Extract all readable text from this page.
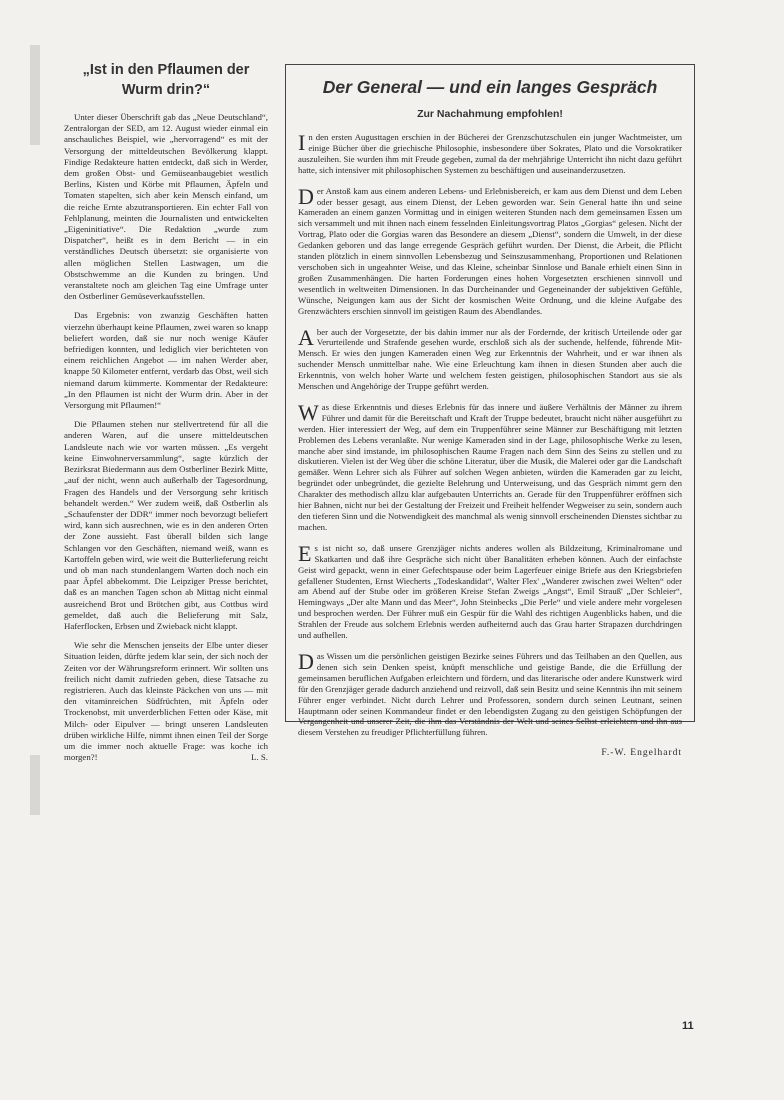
„Ist in den Pflaumen der Wurm drin?“

Unter dieser Überschrift gab das „Neue Deutschland“, Zentralorgan der SED, am 12. August wieder einmal ein anschauliches Beispiel, wie „hervorragend“ es mit der Versorgung der mitteldeutschen Bevölkerung klappt. Findige Redakteure hatten entdeckt, daß sich in Werder, dem großen Obst- und Gemüseanbaugebiet westlich Berlins, Kisten und Körbe mit Pflaumen, Äpfeln und Tomaten stapelten, sich aber kein Mensch einfand, um die reiche Ernte abzutransportieren. Ein echter Fall von Fehlplanung, meinten die Journalisten und entwickelten „Eigeninitiative“. Die Redaktion „wurde zum Dispatcher“, heißt es in dem Bericht — in ein verständliches Deutsch übersetzt: sie organisierte von allen möglichen Stellen Lastwagen, um die Obstschwemme an die Kunden zu bringen. Und veranstaltete noch am gleichen Tag eine Umfrage unter den Ostberliner Gemüseverkaufsstellen.

Das Ergebnis: von zwanzig Geschäften hatten vierzehn überhaupt keine Pflaumen, zwei waren so knapp beliefert worden, daß sie nur noch wenige Käufer befriedigen konnten, und lediglich vier berichteten von einem reichlichen Angebot — im nahen Werder aber, knappe 50 Kilometer entfernt, verdarb das Obst, weil sich niemand darum kümmerte. Kommentar der Redakteure: „In den Pflaumen ist nicht der Wurm drin. Aber in der Versorgung mit Pflaumen!“

Die Pflaumen stehen nur stellvertretend für all die anderen Waren, auf die unsere mitteldeutschen Landsleute nach wie vor warten müssen. „Es vergeht keine Einwohnerversammlung“, sagte kürzlich der Bezirksrat Biedermann aus dem Ostberliner Bezirk Mitte, „auf der nicht, wenn auch außerhalb der Tagesordnung, Fragen des Handels und der Versorgung sehr kritisch behandelt werden.“ Wer zudem weiß, daß Ostberlin als „Schaufenster der DDR“ immer noch bevorzugt beliefert wird, kann sich ausrechnen, wie es in den anderen Orten der Zone aussieht. Fast überall bilden sich lange Schlangen vor den Geschäften, niemand weiß, wann es Kartoffeln geben wird, wie weit die Butterlieferung reicht und ob man nach stundenlangem Warten doch noch ein paar Äpfel abbekommt. Die Leipziger Presse berichtet, daß es an manchen Tagen schon ab Mittag nicht einmal ausreichend Brot und Brötchen gibt, aus Cottbus wird gemeldet, daß auch die Belieferung mit Salz, Haferflocken, Erbsen und Zwieback nicht klappt.

Wie sehr die Menschen jenseits der Elbe unter dieser Situation leiden, dürfte jedem klar sein, der sich noch der Zeiten vor der Währungsreform erinnert. Wir sollten uns freilich nicht damit zufrieden geben, diese Tatsache zu registrieren. Auch das kleinste Päckchen von uns — mit den vitaminreichen Südfrüchten, mit Äpfeln oder Trockenobst, mit unverderblichen Fetten oder Käse, mit Milch- oder Eipulver — bringt unseren Landsleuten drüben wirkliche Hilfe, nimmt ihnen einen Teil der Sorge um die immer noch aktuelle Frage: was koche ich morgen?!	L. S.

Der General — und ein langes Gespräch
Zur Nachahmung empfohlen!

In den ersten Augusttagen erschien in der Bücherei der Grenzschutzschulen ein junger Wachtmeister, um einige Bücher über die griechische Philosophie, insbesondere über Sokrates, Plato und die Vorsokratiker auszuleihen. Sie wurden ihm mit Freude gegeben, zumal da der mehrjährige Unterricht ihn nicht dazu geführt hatte, sich intensiver mit philosophischen Systemen zu beschäftigen und auseinanderzusetzen.

Der Anstoß kam aus einem anderen Lebens- und Erlebnisbereich, er kam aus dem Dienst und dem Leben oder besser gesagt, aus einem Dienst, der Leben geworden war. Sein General hatte ihn und seine Kameraden an einem ganzen Vormittag und in einigen weiteren Stunden nach dem gemeinsamen Essen um sich versammelt und mit ihnen nach einem fesselnden Einleitungsvortrag Platos „Gorgias“ gelesen. Nicht der Vortrag, Plato oder die Gorgias waren das Besondere an diesem „Dienst“, sondern die Umwelt, in der diese Gedanken geboren und das lange erregende Gespräch geführt wurden. Der Dienst, die Arbeit, die Pflicht standen plötzlich in einem sinnvollen Lebensbezug und Seinszusammenhang, Proportionen und Relationen verschoben sich in ungeahnter Weise, und das Kleine, scheinbar Sinnlose und Banale erhielt einen Sinn in großen Zusammenhängen. Die harten Forderungen eines hohen Vorgesetzten erschienen sinnvoll und wesentlich in weltweiten Dimensionen. In das Durcheinander und Gegeneinander der subjektiven Gefühle, Wünsche, Neigungen kam aus der Sicht der kosmischen Weite Ordnung, und die kleine Aufgabe des Grenzwächters erschien sinnvoll im geistigen Raum des Abendlandes.

Aber auch der Vorgesetzte, der bis dahin immer nur als der Fordernde, der kritisch Urteilende oder gar Verurteilende und Strafende gesehen wurde, erschloß sich als der suchende, helfende, führende Mit-Mensch. Er wies den jungen Kameraden einen Weg zur Erkenntnis der Wahrheit, und er war ihnen als suchender Mensch unmittelbar nahe. Wie eine Erleuchtung kam ihnen in diesen Stunden aber auch die Erkenntnis, von welch hoher Warte und welchem festen geistigen, philosophischen Standort aus sie als Menschen und Angehörige der Truppe geführt werden.

Was diese Erkenntnis und dieses Erlebnis für das innere und äußere Verhältnis der Männer zu ihrem Führer und damit für die Bereitschaft und Kraft der Truppe bedeutet, braucht nicht näher ausgeführt zu werden. Hier interessiert der Weg, auf dem ein Truppenführer seine Männer zur Beschäftigung mit letzten Problemen des Lebens veranlaßte. Nur wenige Kameraden sind in der Lage, philosophische Werke zu lesen, manche aber sind imstande, im philosophischen Raume Fragen nach dem Sinn des Seins zu stellen und zu diskutieren. Vielen ist der Weg über die schöne Literatur, über die Musik, die Malerei oder gar die Landschaft gemäßer. Wenn Lehrer sich als Führer auf solchen Wegen anbieten, würden die Kameraden gar zu leicht, begründet oder unbegründet, die gezielte Belehrung und Unterweisung, und das Gespräch nimmt gern den Charakter des methodisch allzu klar aufgebauten Unterrichts an. Gerade für den Truppenführer eröffnen sich hier Bahnen, nicht nur bei der Gestaltung der Freizeit und Freiheit helfender Wegweiser zu sein, sondern auch den tieferen Sinn und die Notwendigkeit des manchmal als wenig sinnvoll erscheinenden Dienstes sichtbar zu machen.

Es ist nicht so, daß unsere Grenzjäger nichts anderes wollen als Bildzeitung, Kriminalromane und Skatkarten und daß ihre Gespräche sich nicht über Banalitäten erheben können. Auch der einfachste Geist wird gepackt, wenn in einer Gefechtspause oder beim Lagerfeuer einige Briefe aus den Kriegsbriefen gefallener Studenten, Ernst Wiecherts „Todeskandidat“, Walter Flex' „Wanderer zwischen zwei Welten“ oder am Abend auf der Stube oder im größeren Kreise Stefan Zweigs „Angst“, Emil Strauß' „Der Schleier“, Hemingways „Der alte Mann und das Meer“, John Steinbecks „Die Perle“ und viele andere mehr vorgelesen und besprochen werden. Der Führer muß ein Gespür für die Wahl des richtigen Augenblicks haben, und die Strahlen der Freude aus solchem Erlebnis werden aufheiternd auch das Grau harter Strapazen durchdringen und aufhellen.

Das Wissen um die persönlichen geistigen Bezirke seines Führers und das Teilhaben an den Quellen, aus denen sich sein Denken speist, knüpft menschliche und geistige Bande, die die Erfüllung der gemeinsamen beruflichen Aufgaben erleichtern und fördern, und das literarische oder andere Kunstwerk wird für den Grenzjäger gerade dadurch anziehend und reizvoll, daß sein Besitz und seine Kenntnis ihn mit seinem Führer enger verbindet. Nicht durch Lehrer und Professoren, sondern durch seinen Leutnant, seinen Hauptmann oder seinen Kommandeur findet er den lebendigsten Zugang zu den geistigen Schöpfungen der Vergangenheit und unserer Zeit, die ihm das Verständnis der Welt und seines Selbst erleichtern und ihn aus diesem Verstehen zu freudiger Pflichterfüllung führen.

F.-W. Engelhardt
11
